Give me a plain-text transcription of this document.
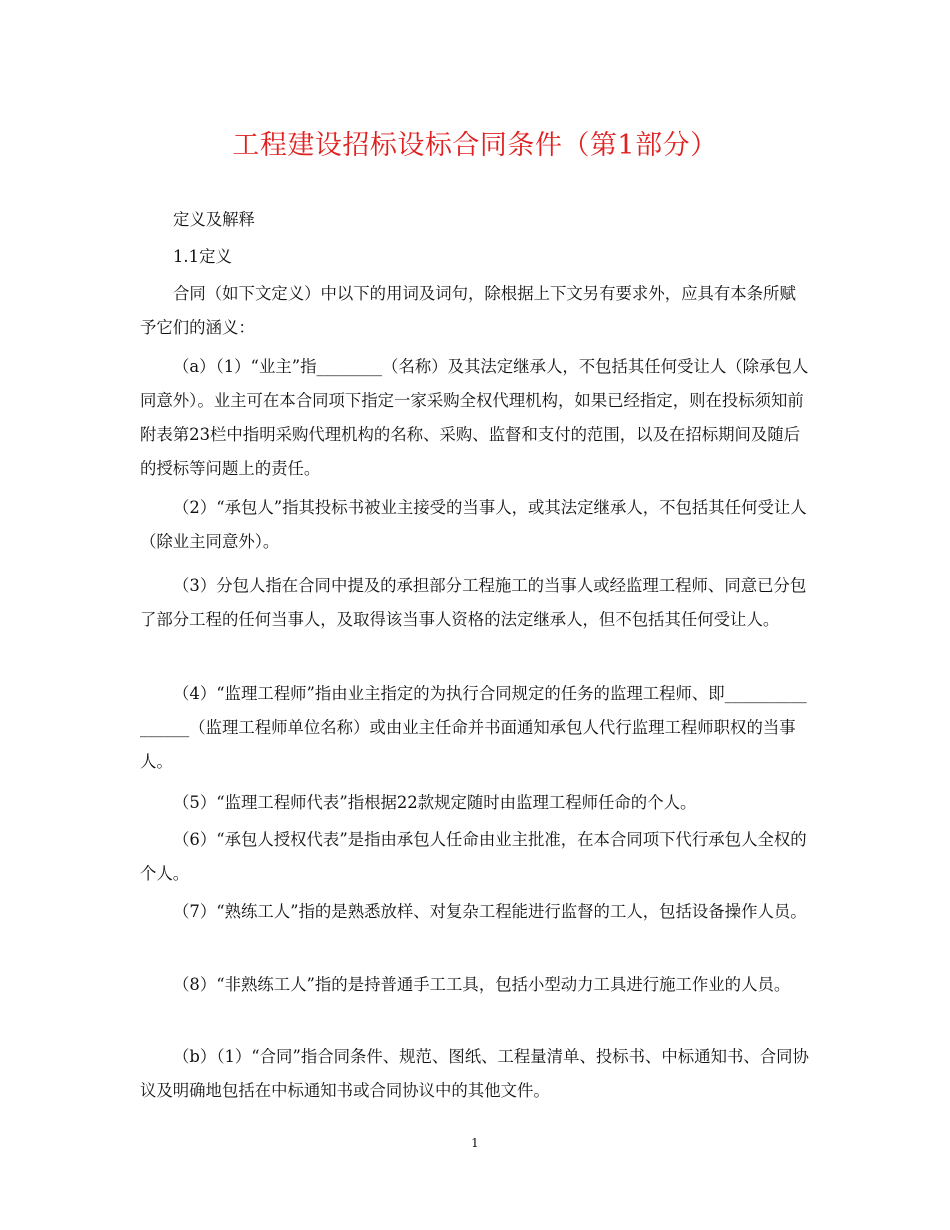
工程建设招标设标合同条件（第1部分）
定义及解释
1.1定义
合同（如下文定义）中以下的用词及词句，除根据上下文另有要求外，应具有本条所赋予它们的涵义：
（a）（1）“业主”指________（名称）及其法定继承人，不包括其任何受让人（除承包人同意外）。业主可在本合同项下指定一家采购全权代理机构，如果已经指定，则在投标须知前附表第23栏中指明采购代理机构的名称、采购、监督和支付的范围，以及在招标期间及随后的授标等问题上的责任。
（2）“承包人”指其投标书被业主接受的当事人，或其法定继承人，不包括其任何受让人（除业主同意外）。
（3）分包人指在合同中提及的承担部分工程施工的当事人或经监理工程师、同意已分包了部分工程的任何当事人，及取得该当事人资格的法定继承人，但不包括其任何受让人。
（4）“监理工程师”指由业主指定的为执行合同规定的任务的监理工程师、即________________（监理工程师单位名称）或由业主任命并书面通知承包人代行监理工程师职权的当事人。
（5）“监理工程师代表”指根据22款规定随时由监理工程师任命的个人。
（6）“承包人授权代表”是指由承包人任命由业主批准，在本合同项下代行承包人全权的个人。
（7）“熟练工人”指的是熟悉放样、对复杂工程能进行监督的工人，包括设备操作人员。
（8）“非熟练工人”指的是持普通手工工具，包括小型动力工具进行施工作业的人员。
（b）（1）“合同”指合同条件、规范、图纸、工程量清单、投标书、中标通知书、合同协议及明确地包括在中标通知书或合同协议中的其他文件。
1
